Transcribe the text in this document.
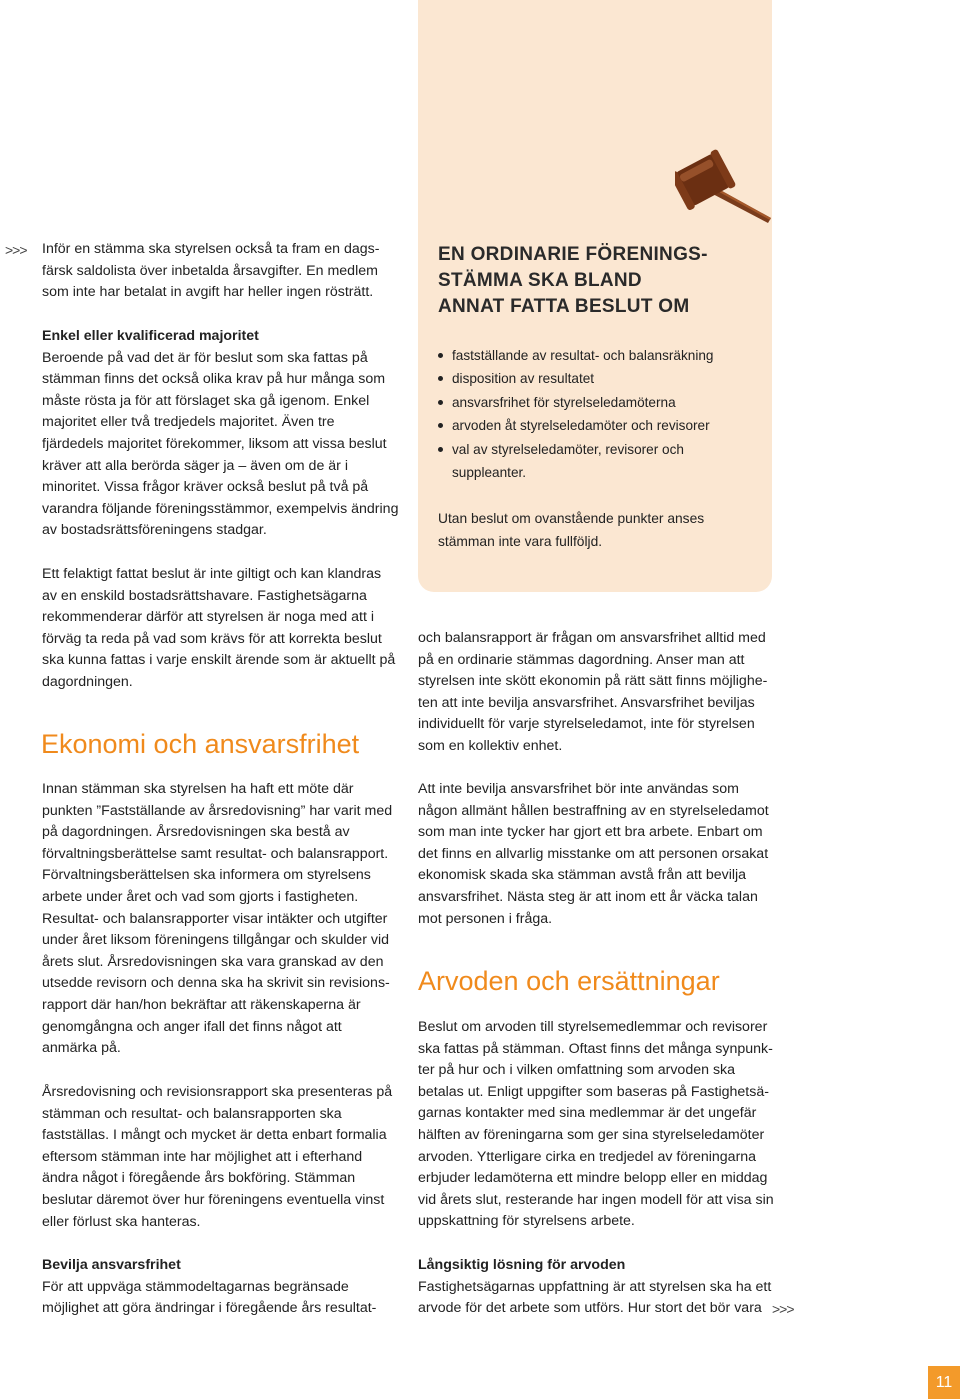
>>> Inför en stämma ska styrelsen också ta fram en dags-

färsk saldolista över inbetalda årsavgifter. En medlem

som inte har betalat in avgift har heller ingen rösträtt.

Enkel eller kvalificerad majoritet

Beroende på vad det är för beslut som ska fattas på

stämman finns det också olika krav på hur många som

måste rösta ja för att förslaget ska gå igenom. Enkel

majoritet eller två tredjedels majoritet. Även tre

fjärdedels majoritet förekommer, liksom att vissa beslut

kräver att alla berörda säger ja – även om de är i

minoritet. Vissa frågor kräver också beslut på två på

varandra följande föreningsstämmor, exempelvis ändring

av bostadsrättsföreningens stadgar.

Ett felaktigt fattat beslut är inte giltigt och kan klandras

av en enskild bostadsrättshavare. Fastighetsägarna

rekommenderar därför att styrelsen är noga med att i

förväg ta reda på vad som krävs för att korrekta beslut

ska kunna fattas i varje enskilt ärende som är aktuellt på

dagordningen.

Ekonomi och ansvarsfrihet

Innan stämman ska styrelsen ha haft ett möte där

punkten ”Fastställande av årsredovisning” har varit med

på dagordningen. Årsredovisningen ska bestå av

förvaltningsberättelse samt resultat- och balansrapport.

Förvaltningsberättelsen ska informera om styrelsens

arbete under året och vad som gjorts i fastigheten.

Resultat- och balansrapporter visar intäkter och utgifter

under året liksom föreningens tillgångar och skulder vid

årets slut. Årsredovisningen ska vara granskad av den

utsedde revisorn och denna ska ha skrivit sin revisions-

rapport där han/hon bekräftar att räkenskaperna är

genomgångna och anger ifall det finns något att

anmärka på.

Årsredovisning och revisionsrapport ska presenteras på

stämman och resultat- och balansrapporten ska

fastställas. I mångt och mycket är detta enbart formalia

eftersom stämman inte har möjlighet att i efterhand

ändra något i föregående års bokföring. Stämman

beslutar däremot över hur föreningens eventuella vinst

eller förlust ska hanteras.

Bevilja ansvarsfrihet

För att uppväga stämmodeltagarnas begränsade

möjlighet att göra ändringar i föregående års resultat-

EN ORDINARIE FÖRENINGS-
STÄMMA SKA BLAND
ANNAT FATTA BESLUT OM
fastställande av resultat- och balansräkning
disposition av resultatet
ansvarsfrihet för styrelseledamöterna
arvoden åt styrelseledamöter och revisorer
val av styrelseledamöter, revisorer och suppleanter.
Utan beslut om ovanstående punkter anses
stämman inte vara fullföljd.

och balansrapport är frågan om ansvarsfrihet alltid med

på en ordinarie stämmas dagordning. Anser man att

styrelsen inte skött ekonomin på rätt sätt finns möjlighe-

ten att inte bevilja ansvarsfrihet. Ansvarsfrihet beviljas

individuellt för varje styrelseledamot, inte för styrelsen

som en kollektiv enhet.

Att inte bevilja ansvarsfrihet bör inte användas som

någon allmänt hållen bestraffning av en styrelseledamot

som man inte tycker har gjort ett bra arbete. Enbart om

det finns en allvarlig misstanke om att personen orsakat

ekonomisk skada ska stämman avstå från att bevilja

ansvarsfrihet. Nästa steg är att inom ett år väcka talan

mot personen i fråga.

Arvoden och ersättningar

Beslut om arvoden till styrelsemedlemmar och revisorer

ska fattas på stämman. Oftast finns det många synpunk-

ter på hur och i vilken omfattning som arvoden ska

betalas ut. Enligt uppgifter som baseras på Fastighetsä-

garnas kontakter med sina medlemmar är det ungefär

hälften av föreningarna som ger sina styrelseledamöter

arvoden. Ytterligare cirka en tredjedel av föreningarna

erbjuder ledamöterna ett mindre belopp eller en middag

vid årets slut, resterande har ingen modell för att visa sin

uppskattning för styrelsens arbete.

Långsiktig lösning för arvoden

Fastighetsägarnas uppfattning är att styrelsen ska ha ett

arvode för det arbete som utförs. Hur stort det bör vara >>>
11
